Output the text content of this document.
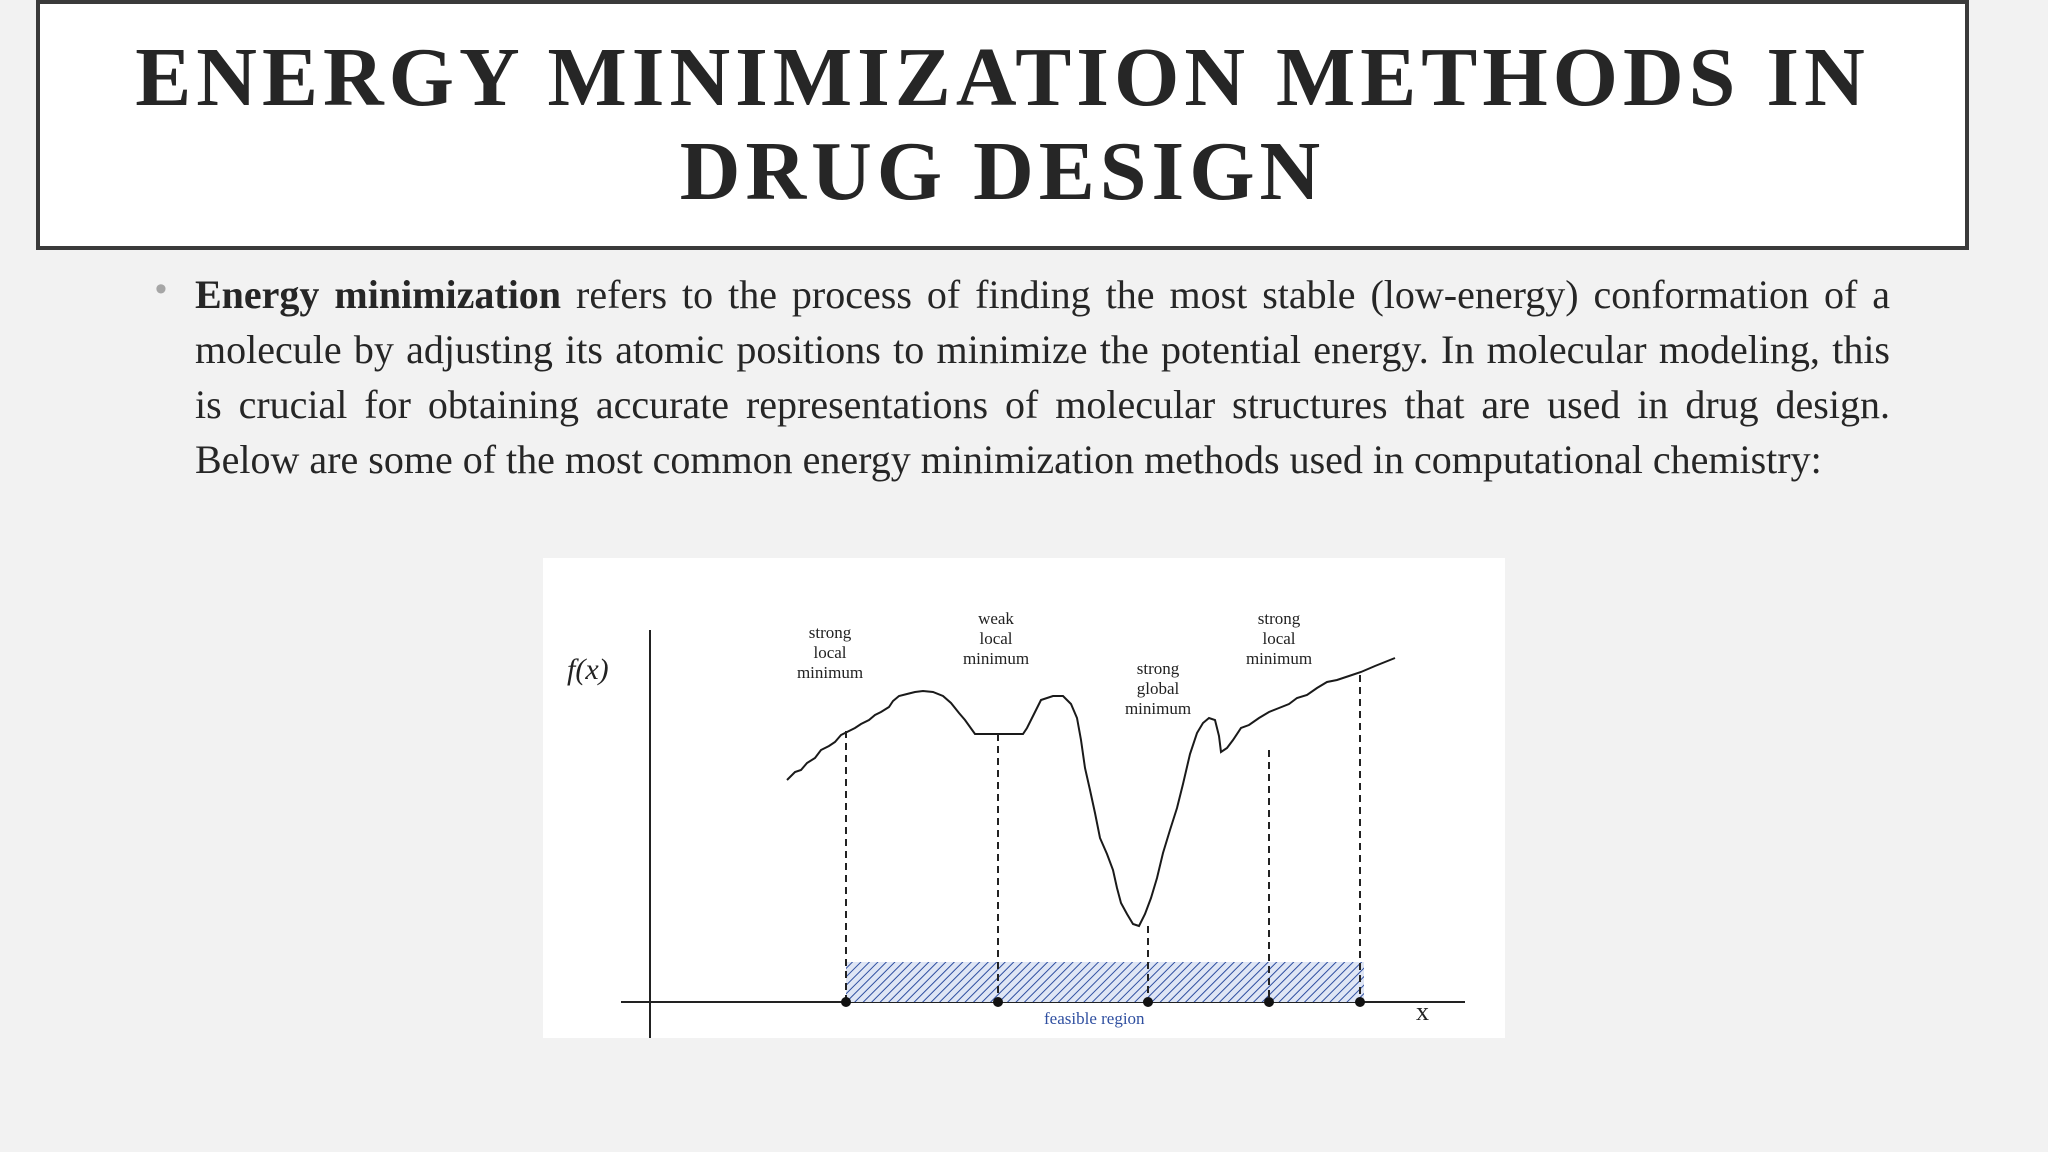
ENERGY MINIMIZATION METHODS IN
DRUG DESIGN
• Energy minimization refers to the process of finding the most stable (low-energy) conformation of a molecule by adjusting its atomic positions to minimize the potential energy. In molecular modeling, this is crucial for obtaining accurate representations of molecular structures that are used in drug design. Below are some of the most common energy minimization methods used in computational chemistry:
f(x)
x
feasible region
strong
local
minimum
weak
local
minimum
strong
global
minimum
strong
local
minimum
